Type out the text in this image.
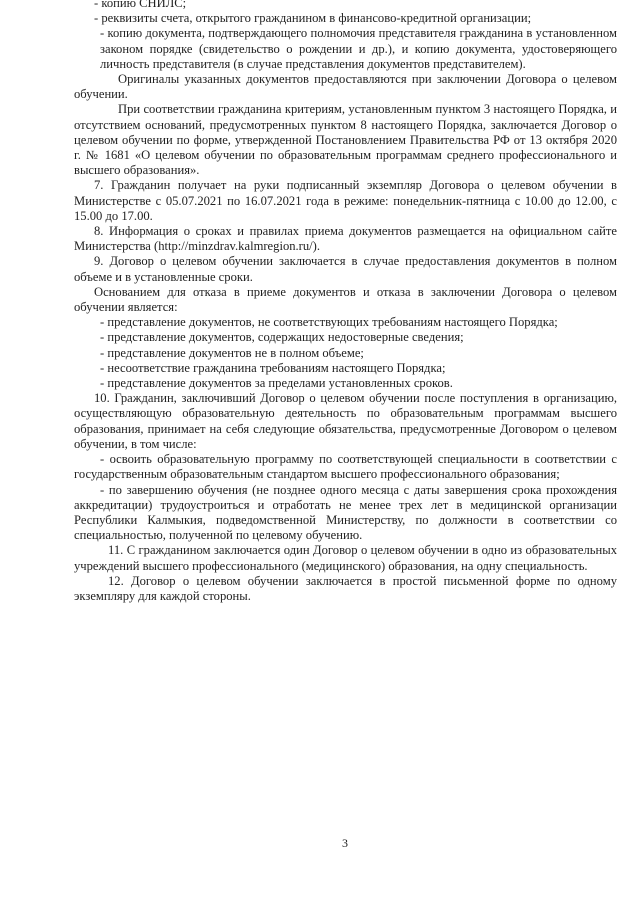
- копию СНИЛС;

- реквизиты счета, открытого гражданином в финансово-кредитной организации;

- копию документа, подтверждающего полномочия представителя гражданина в установленном законом порядке (свидетельство о рождении и др.), и копию документа, удостоверяющего личность представителя (в случае представления документов представителем).

Оригиналы указанных документов предоставляются при заключении Договора о целевом обучении.

При соответствии гражданина критериям, установленным пунктом 3 настоящего Порядка, и отсутствием оснований, предусмотренных пунктом 8 настоящего Порядка, заключается Договор о целевом обучении по форме, утвержденной Постановлением Правительства РФ от 13 октября 2020 г. № 1681 «О целевом обучении по образовательным программам среднего профессионального и высшего образования».

7. Гражданин получает на руки подписанный экземпляр Договора о целевом обучении в Министерстве с 05.07.2021 по 16.07.2021 года в режиме: понедельник-пятница с 10.00 до 12.00, с 15.00 до 17.00.

8. Информация о сроках и правилах приема документов размещается на официальном сайте Министерства (http://minzdrav.kalmregion.ru/).

9. Договор о целевом обучении заключается в случае предоставления документов в полном объеме и в установленные сроки.

Основанием для отказа в приеме документов и отказа в заключении Договора о целевом обучении является:

- представление документов, не соответствующих требованиям настоящего Порядка;

- представление документов, содержащих недостоверные сведения;

- представление документов не в полном объеме;

- несоответствие гражданина требованиям настоящего Порядка;

- представление документов за пределами установленных сроков.

10. Гражданин, заключивший Договор о целевом обучении после поступления в организацию, осуществляющую образовательную деятельность по образовательным программам высшего образования, принимает на себя следующие обязательства, предусмотренные Договором о целевом обучении, в том числе:

- освоить образовательную программу по соответствующей специальности в соответствии с государственным образовательным стандартом высшего профессионального образования;

- по завершению обучения (не позднее одного месяца с даты завершения срока прохождения аккредитации) трудоустроиться и отработать не менее трех лет в медицинской организации Республики Калмыкия, подведомственной Министерству, по должности в соответствии со специальностью, полученной по целевому обучению.

11. С гражданином заключается один Договор о целевом обучении в одно из образовательных учреждений высшего профессионального (медицинского) образования, на одну специальность.

12. Договор о целевом обучении заключается в простой письменной форме по одному экземпляру для каждой стороны.

3
